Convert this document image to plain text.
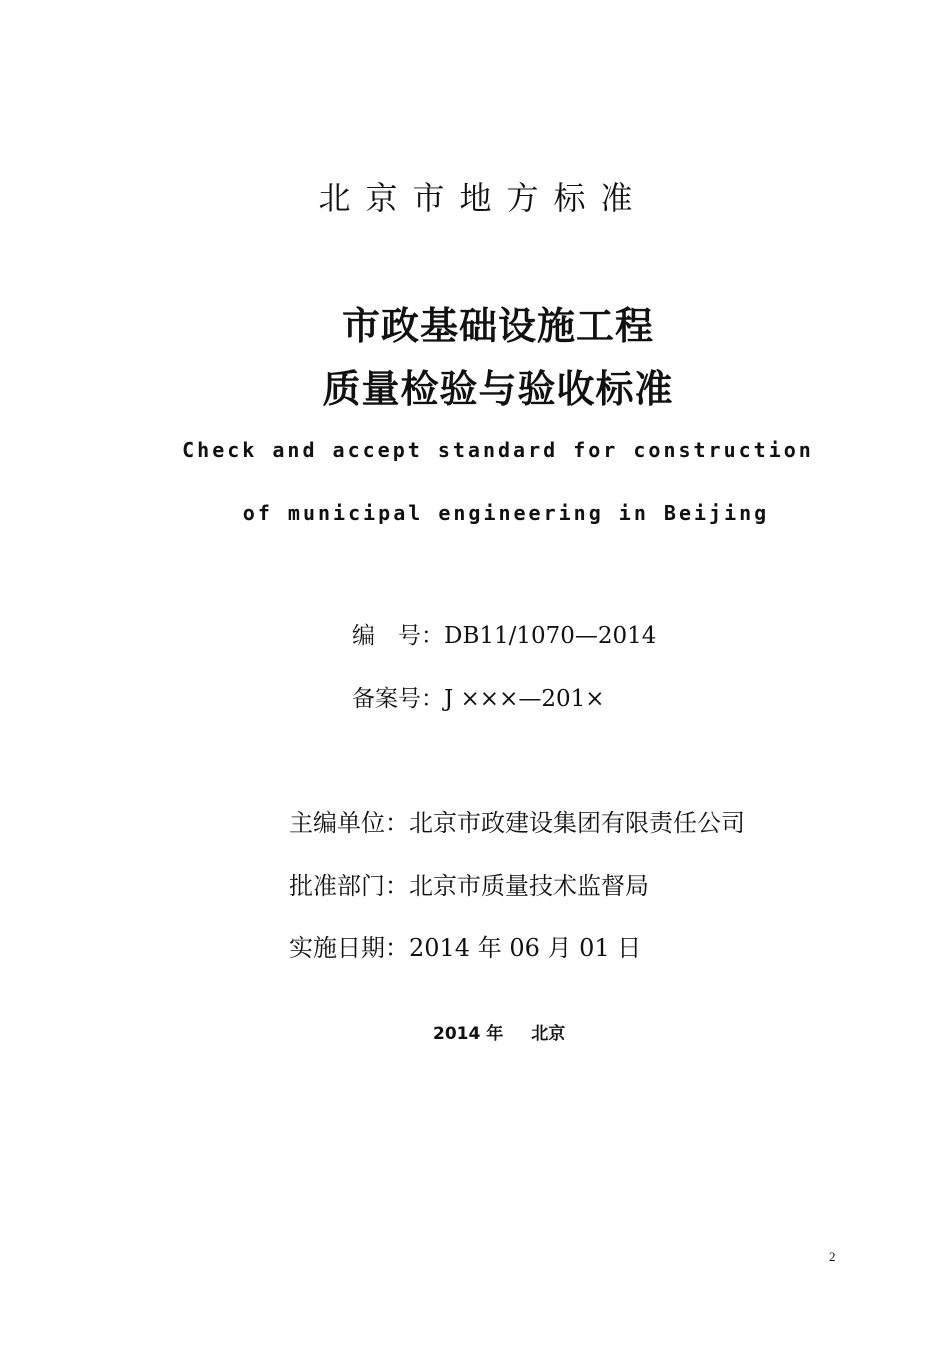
北京市地方标准
市政基础设施工程
质量检验与验收标准
Check and accept standard for construction
of municipal engineering in Beijing
编　号：DB11/1070—2014
备案号：J ×××—201×
主编单位：北京市政建设集团有限责任公司
批准部门：北京市质量技术监督局
实施日期：2014 年 06 月 01 日
2014 年 北京
2
